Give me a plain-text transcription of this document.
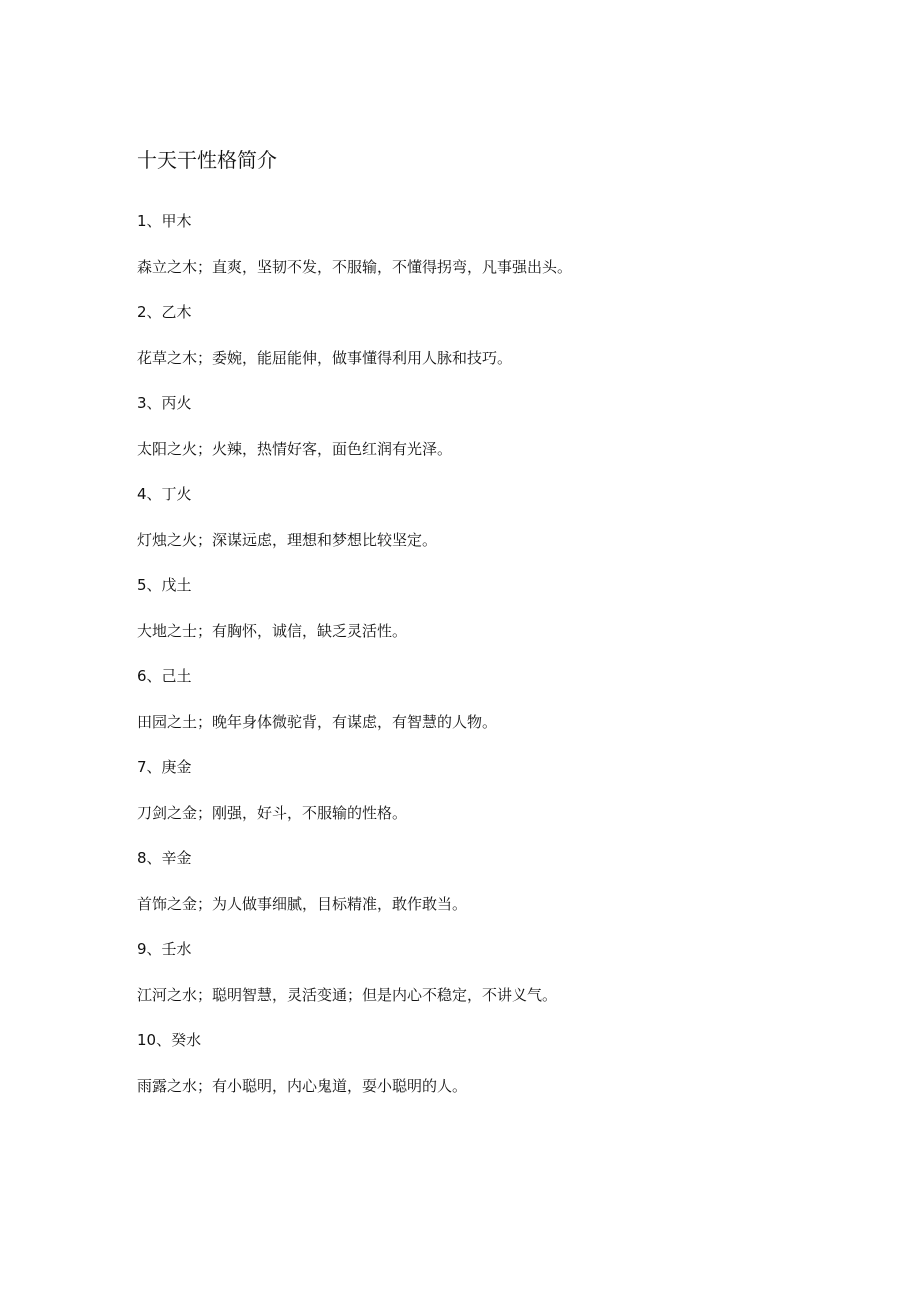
十天干性格简介
1、甲木
森立之木；直爽，坚韧不发，不服输，不懂得拐弯，凡事强出头。
2、乙木
花草之木；委婉，能屈能伸，做事懂得利用人脉和技巧。
3、丙火
太阳之火；火辣，热情好客，面色红润有光泽。
4、丁火
灯烛之火；深谋远虑，理想和梦想比较坚定。
5、戊土
大地之士；有胸怀，诚信，缺乏灵活性。
6、己土
田园之土；晚年身体微驼背，有谋虑，有智慧的人物。
7、庚金
刀剑之金；刚强，好斗，不服输的性格。
8、辛金
首饰之金；为人做事细腻，目标精准，敢作敢当。
9、壬水
江河之水；聪明智慧，灵活变通；但是内心不稳定，不讲义气。
10、癸水
雨露之水；有小聪明，内心鬼道，耍小聪明的人。
